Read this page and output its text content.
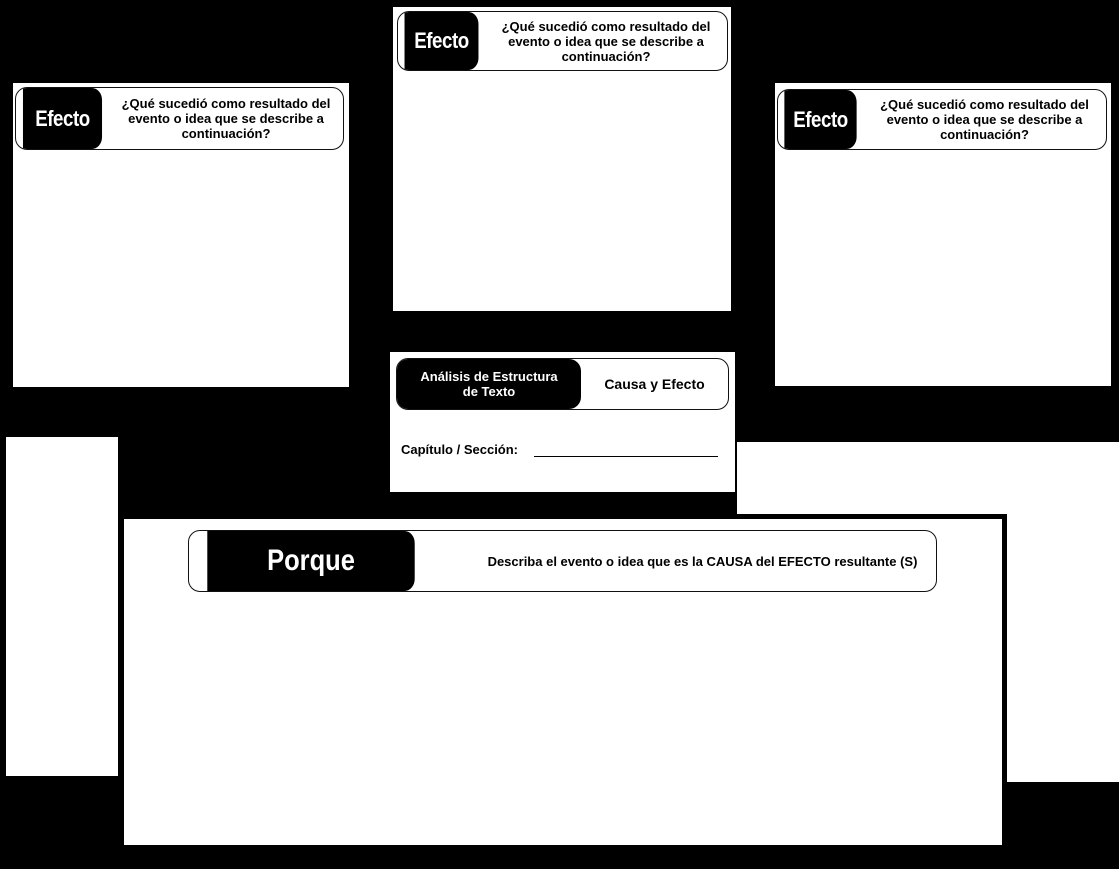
Efecto
¿Qué sucedió como resultado del evento o idea que se describe a continuación?
Efecto
¿Qué sucedió como resultado del evento o idea que se describe a continuación?
Efecto
¿Qué sucedió como resultado del evento o idea que se describe a continuación?
Análisis de Estructura de Texto	Causa y Efecto
Capítulo / Sección:
Porque	Describa el evento o idea que es la CAUSA del EFECTO resultante (S)
